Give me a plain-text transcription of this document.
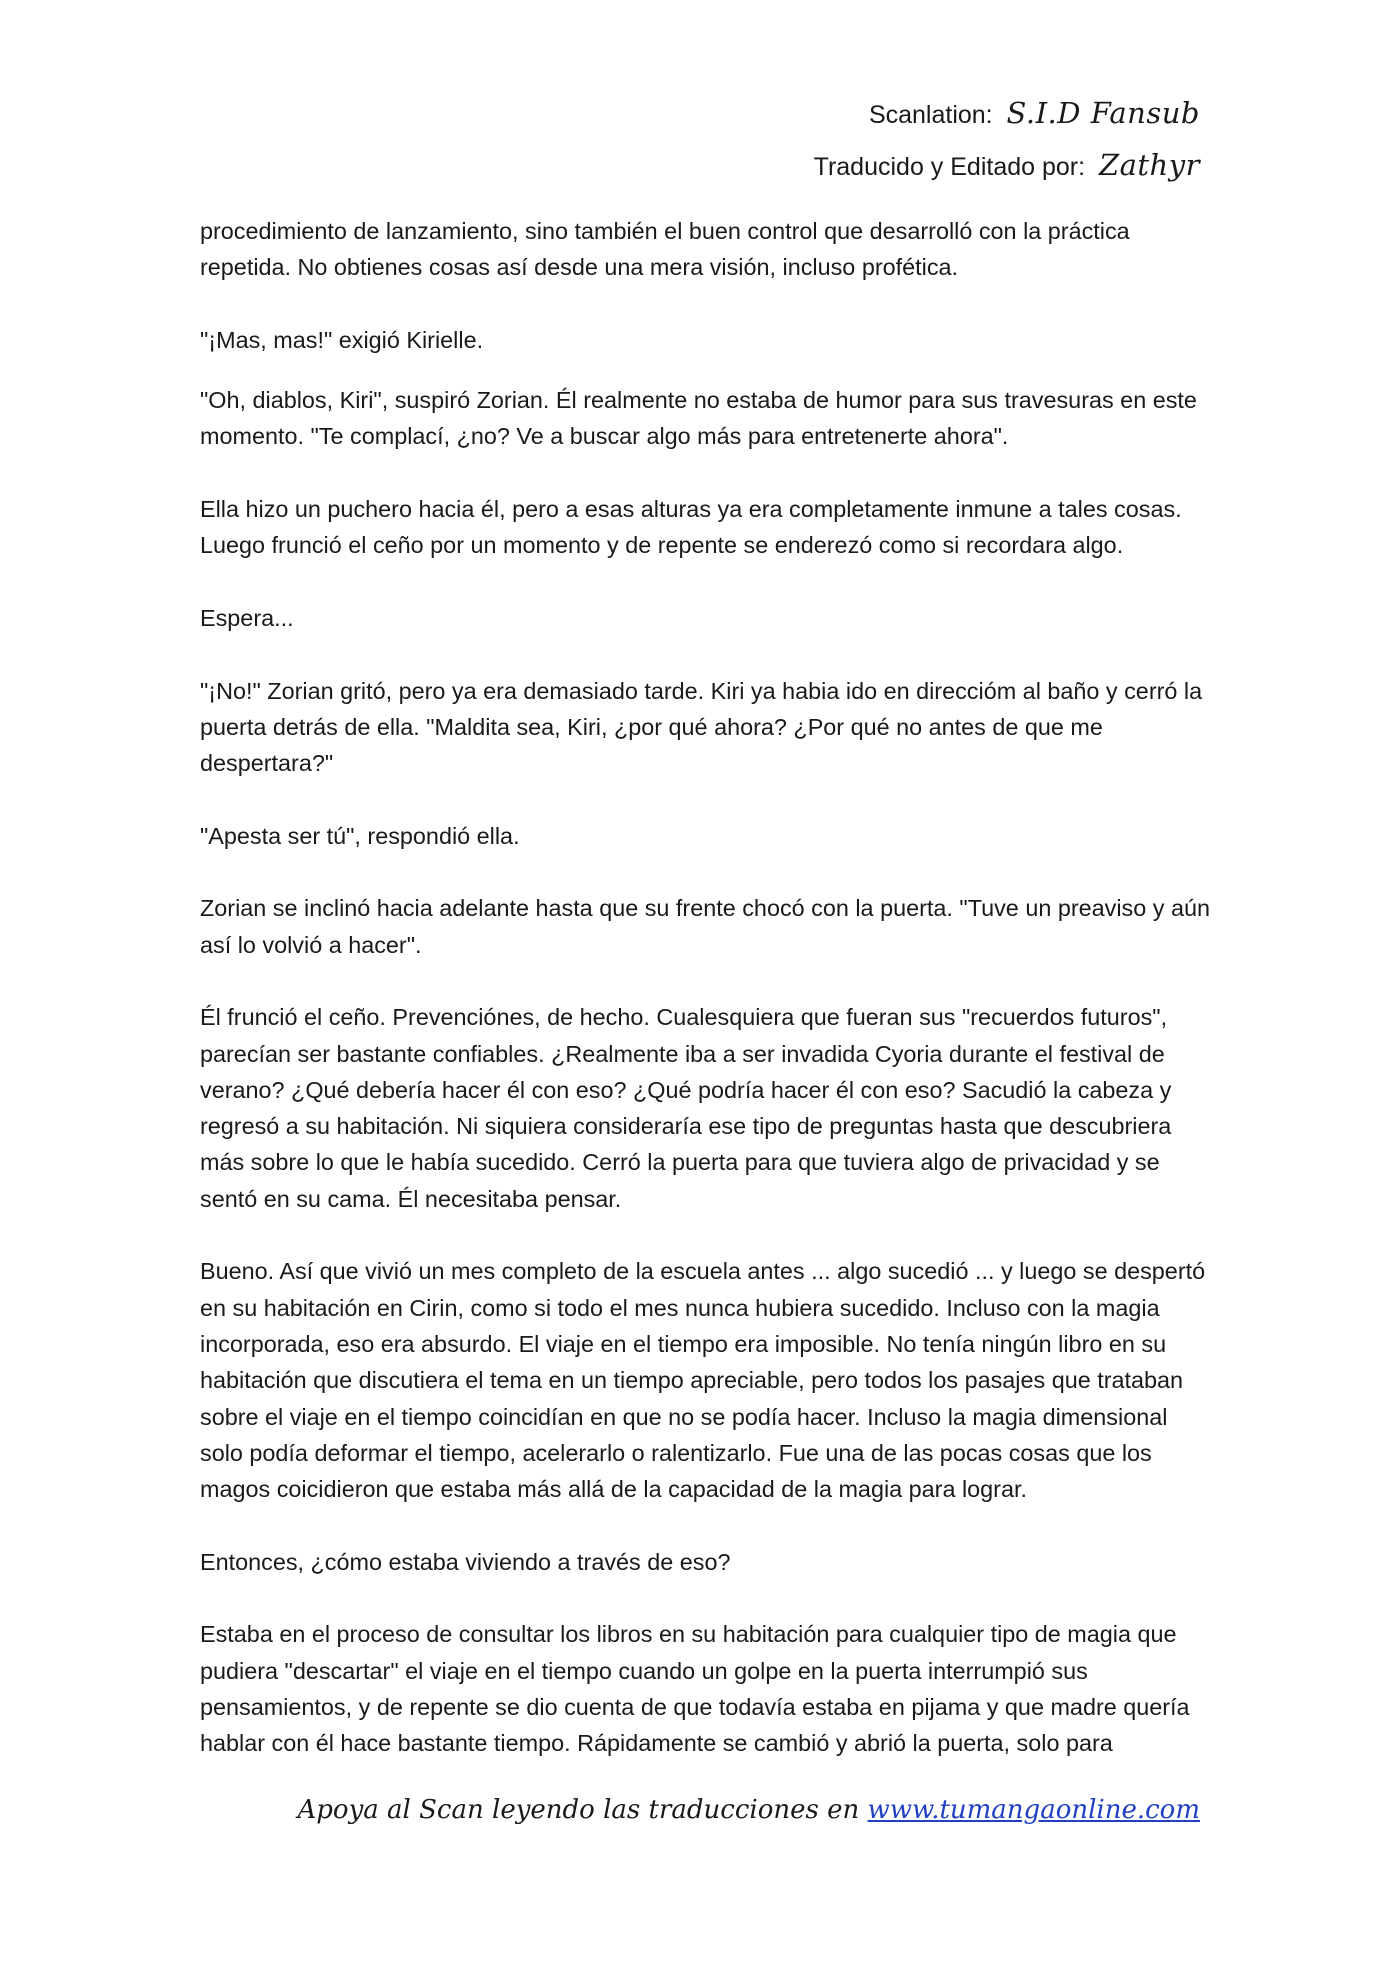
Scanlation: S.I.D Fansub
Traducido y Editado por: Zathyr

procedimiento de lanzamiento, sino también el buen control que desarrolló con la práctica repetida. No obtienes cosas así desde una mera visión, incluso profética.

"¡Mas, mas!" exigió Kirielle.

"Oh, diablos, Kiri", suspiró Zorian. Él realmente no estaba de humor para sus travesuras en este momento. "Te complací, ¿no? Ve a buscar algo más para entretenerte ahora".

Ella hizo un puchero hacia él, pero a esas alturas ya era completamente inmune a tales cosas. Luego frunció el ceño por un momento y de repente se enderezó como si recordara algo.

Espera...

"¡No!" Zorian gritó, pero ya era demasiado tarde. Kiri ya habia ido en direccióm al baño y cerró la puerta detrás de ella. "Maldita sea, Kiri, ¿por qué ahora? ¿Por qué no antes de que me despertara?"

"Apesta ser tú", respondió ella.

Zorian se inclinó hacia adelante hasta que su frente chocó con la puerta. "Tuve un preaviso y aún así lo volvió a hacer".

Él frunció el ceño. Prevenciónes, de hecho. Cualesquiera que fueran sus "recuerdos futuros", parecían ser bastante confiables. ¿Realmente iba a ser invadida Cyoria durante el festival de verano? ¿Qué debería hacer él con eso? ¿Qué podría hacer él con eso? Sacudió la cabeza y regresó a su habitación. Ni siquiera consideraría ese tipo de preguntas hasta que descubriera más sobre lo que le había sucedido. Cerró la puerta para que tuviera algo de privacidad y se sentó en su cama. Él necesitaba pensar.

Bueno. Así que vivió un mes completo de la escuela antes ... algo sucedió ... y luego se despertó en su habitación en Cirin, como si todo el mes nunca hubiera sucedido. Incluso con la magia incorporada, eso era absurdo. El viaje en el tiempo era imposible. No tenía ningún libro en su habitación que discutiera el tema en un tiempo apreciable, pero todos los pasajes que trataban sobre el viaje en el tiempo coincidían en que no se podía hacer. Incluso la magia dimensional solo podía deformar el tiempo, acelerarlo o ralentizarlo. Fue una de las pocas cosas que los magos coicidieron que estaba más allá de la capacidad de la magia para lograr.

Entonces, ¿cómo estaba viviendo a través de eso?

Estaba en el proceso de consultar los libros en su habitación para cualquier tipo de magia que pudiera "descartar" el viaje en el tiempo cuando un golpe en la puerta interrumpió sus pensamientos, y de repente se dio cuenta de que todavía estaba en pijama y que madre quería hablar con él hace bastante tiempo. Rápidamente se cambió y abrió la puerta, solo para

Apoya al Scan leyendo las traducciones en www.tumangaonline.com
